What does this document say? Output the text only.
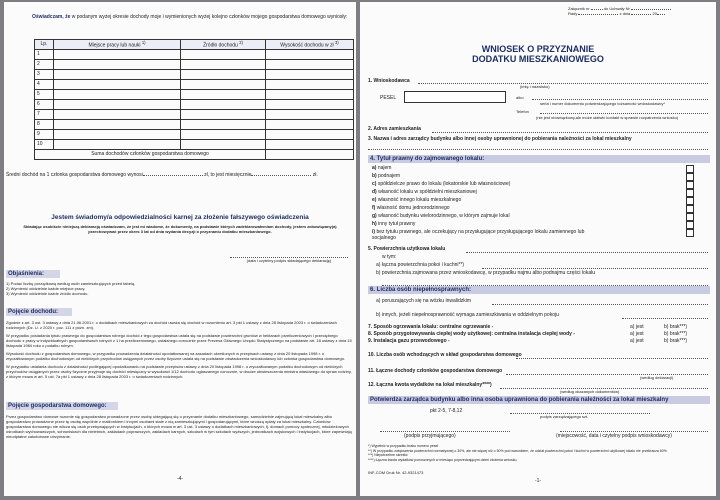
Oświadczam, że w podanym wyżej okresie dochody moje i wymienionych wyżej kolejno członków mojego gospodarstwa domowego wyniosły:
Lp.	Miejsce pracy lub nauki $^{1)}$	Źródło dochodu $^{2)}$	Wysokość dochodu w zł $^{3)}$
1			
2			
3			
4			
5			
6			
7			
8			
9			
10			
Suma dochodów członków gospodarstwa domowego			
Średni dochód na 1 członka gospodarstwa domowego wynosi	zł, to jest miesięcznie	zł.
Jestem świadomy/a odpowiedzialności karnej za złożenie fałszywego oświadczenia
Składając osobiście niniejszą deklarację oświadczam, że jest mi wiadome, że dokumenty, na podstawie których zadeklarowałem/am dochody, jestem zobowiązany(a) przechowywać przez okres 3 lat od dnia wydania decyzji o przyznaniu dodatku mieszkaniowego.
(data i czytelny podpis składającego deklarację)
Objaśnienia:
1) Podać liczbę porządkową według osób zamieszkujących przed tabelą.
2) Wymienić oddzielnie każde miejsce pracy.
3) Wymienić oddzielnie każde źródło dochodu.
Pojęcie dochodu:
Zgodnie z art. 3 ust. 3 ustawy z dnia 21.06.2001 r. o dodatkach mieszkaniowych za dochód uważa się dochód w rozumieniu art. 3 pkt 1 ustawy z dnia 28 listopada 2003 r. o świadczeniach rodzinnych (Dz. U. z 2020 r. poz. 111 z późn. zm).
W przypadku posiadania tytułu prawnego do gospodarstwa rolnego dochód z tego gospodarstwa ustala się na podstawie powierzchni gruntów w hektarach przeliczeniowych i przeciętnego dochodu z pracy w indywidualnych gospodarstwach rolnych z 1 ha przeliczeniowego, ustalanego corocznie przez Prezesa Głównego Urzędu Statystycznego na podstawie art. 18 ustawy z dnia 15 listopada 1984 roku o podatku rolnym.
Wysokość dochodu z gospodarstwa domowego, w przypadku prowadzenia działalności opodatkowanej na zasadach określonych w przepisach ustawy z dnia 20 listopada 1998 r. o zryczałtowanym podatku dochodowym od niektórych przychodów osiąganych przez osoby fizyczne ustala się na podstawie oświadczenia wnioskodawcy lub członka gospodarstwa domowego.
W przypadku ustalania dochodu z działalności podlegającej opodatkowaniu na podstawie przepisów ustawy z dnia 20 listopada 1998 r. o zryczałtowanym podatku dochodowym od niektórych przychodów osiąganych przez osoby fizyczne przyjmuje się dochód miesięczny w wysokości 1/12 dochodu ogłaszanego corocznie, w drodze obwieszczenia ministra właściwego do spraw rodziny, z którym mowa w art. 5 ust. 7a pkt 1 ustawy z dnia 28 listopada 2003 r. o świadczeniach rodzinnych.
Pojęcie gospodarstwa domowego:
Przez gospodarstwo domowe rozumie się gospodarstwo prowadzone przez osobę ubiegającą się o przyznanie dodatku mieszkaniowego, samodzielnie zajmującą lokal mieszkalny albo gospodarstwo prowadzone przez tę osobę wspólnie z małżonkiem i innymi osobami stale z nią zamieszkującymi i gospodarującymi, które wnoszą opłaty za lokal mieszkalny. Członków gospodarstwa domowego nie wlicza się osób przebywających w instytucjach, o których mowa w art. 3 ust. 3 ustawy o dodatkach mieszkaniowych, tj. domach pomocy społecznej, młodzieżowych ośrodkach wychowawczych, schroniskach dla nieletnich, zakładach poprawczych, zakładach karnych, szkołach w tym szkołach wyższych, jednostkach wojskowych i instytucjach, które zapewniają nieodpłatne całodobowe utrzymanie.
-4-
Załącznik nr	do Uchwały Nr
Rady	z dnia	20
WNIOSEK O PRZYZNANIE
DODATKU MIESZKANIOWEGO
1. Wnioskodawca
(imię i nazwisko)
PESEL	albo
seria i numer dokumentu potwierdzającego tożsamość wnioskodawcy*
Telefon
(nie jest obowiązkowy,ale może ułatwić kontakt w sprawie rozpatrzenia wniosku)
2. Adres zamieszkania
3. Nazwa i adres zarządcy budynku albo innej osoby uprawnionej do pobierania należności za lokal mieszkalny
4. Tytuł prawny do zajmowanego lokalu:
a) najem
b) podnajem
c) spółdzielcze prawo do lokalu (lokatorskie lub własnościowe)
d) własność lokalu w spółdzielni mieszkaniowej
e) własność innego lokalu mieszkalnego
f) własność domu jednorodzinnego
g) własność budynku wielorodzinnego, w którym zajmuje lokal
h) inny tytuł prawny
i) bez tytułu prawnego, ale oczekujący na przysługujące przysługującego lokalu zamiennego lub socjalnego
5. Powierzchnia użytkowa lokalu
w tym:
a) łączna powierzchnia pokoi i kuchni**)
b) powierzchnia zajmowana przez wnioskodawcę, w przypadku najmu albo podnajmu części lokalu
6. Liczba osób niepełnosprawnych:
a) poruszających się na wózku inwalidzkim
b) innych, jeżeli niepełnosprawność wymaga zamieszkiwania w oddzielnym pokoju
7. Sposób ogrzewania lokalu: centralne ogrzewanie -	a) jest	b) brak***)
8. Sposób przygotowywania ciepłej wody użytkowej: centralna instalacja ciepłej wody -	a) jest	b) brak***)
9. Instalacja gazu przewodowego -	a) jest	b) brak***)
10. Liczba osób wchodzących w skład gospodarstwa domowego
11. Łączne dochody członków gospodarstwa domowego
(według deklaracji)
12. Łączna kwota wydatków na lokal mieszkalny****)
(według okazanych dokumentów)
Potwierdza zarządca budynku albo inna osoba uprawniona do pobierania należności za lokal mieszkalny
pkt 2-5, 7-8,12
podpis zarządzającego szt.
(podpis przyjmującego)	(miejscowość, data i czytelny podpis wnioskodawcy)
*) Wypełnić w przypadku braku numeru pesel
**) W przypadku zwiększenia powierzchni normatywnej o 30%, ale nie więcej niż o 50% pod warunkiem, że udział powierzchni pokoi i kuchni w powierzchni użytkowej lokalu nie przekracza 60%
***) Niepotrzebne skreślić
****) Łączna kwota wydatków ponoszonych w miesiącu poprzedzającym dzień złożenia wniosku.
INF-COM Druk Nr. 42-9321473
-1-
